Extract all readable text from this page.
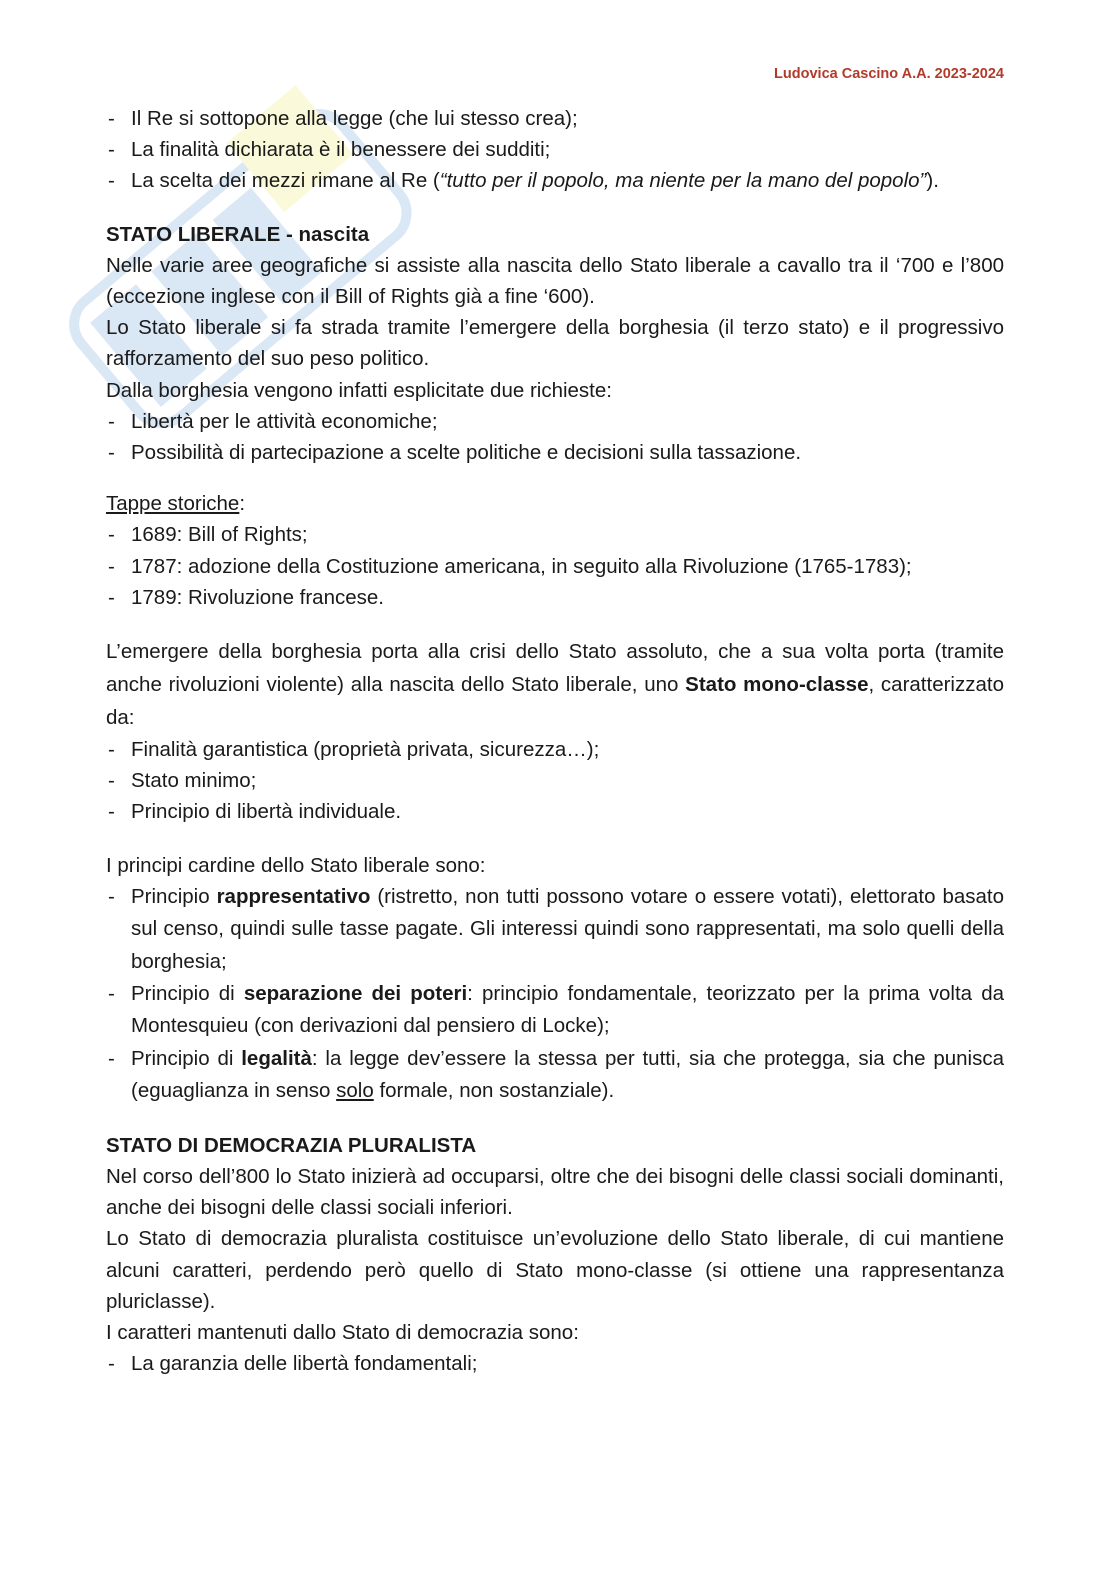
Ludovica Cascino A.A. 2023-2024
- Il Re si sottopone alla legge (che lui stesso crea);
- La finalità dichiarata è il benessere dei sudditi;
- La scelta dei mezzi rimane al Re (“tutto per il popolo, ma niente per la mano del popolo”).

STATO LIBERALE - nascita

Nelle varie aree geografiche si assiste alla nascita dello Stato liberale a cavallo tra il ‘700 e l’800 (eccezione inglese con il Bill of Rights già a fine ‘600).

Lo Stato liberale si fa strada tramite l’emergere della borghesia (il terzo stato) e il progressivo rafforzamento del suo peso politico.

Dalla borghesia vengono infatti esplicitate due richieste:

- Libertà per le attività economiche;
- Possibilità di partecipazione a scelte politiche e decisioni sulla tassazione.

Tappe storiche:

- 1689: Bill of Rights;
- 1787: adozione della Costituzione americana, in seguito alla Rivoluzione (1765-1783);
- 1789: Rivoluzione francese.

L’emergere della borghesia porta alla crisi dello Stato assoluto, che a sua volta porta (tramite anche rivoluzioni violente) alla nascita dello Stato liberale, uno Stato mono-classe, caratterizzato da:

- Finalità garantistica (proprietà privata, sicurezza…);
- Stato minimo;
- Principio di libertà individuale.

I principi cardine dello Stato liberale sono:

- Principio rappresentativo (ristretto, non tutti possono votare o essere votati), elettorato basato sul censo, quindi sulle tasse pagate. Gli interessi quindi sono rappresentati, ma solo quelli della borghesia;
- Principio di separazione dei poteri: principio fondamentale, teorizzato per la prima volta da Montesquieu (con derivazioni dal pensiero di Locke);
- Principio di legalità: la legge dev’essere la stessa per tutti, sia che protegga, sia che punisca (eguaglianza in senso solo formale, non sostanziale).

STATO DI DEMOCRAZIA PLURALISTA

Nel corso dell’800 lo Stato inizierà ad occuparsi, oltre che dei bisogni delle classi sociali dominanti, anche dei bisogni delle classi sociali inferiori.

Lo Stato di democrazia pluralista costituisce un’evoluzione dello Stato liberale, di cui mantiene alcuni caratteri, perdendo però quello di Stato mono-classe (si ottiene una rappresentanza pluriclasse).

I caratteri mantenuti dallo Stato di democrazia sono:

- La garanzia delle libertà fondamentali;
